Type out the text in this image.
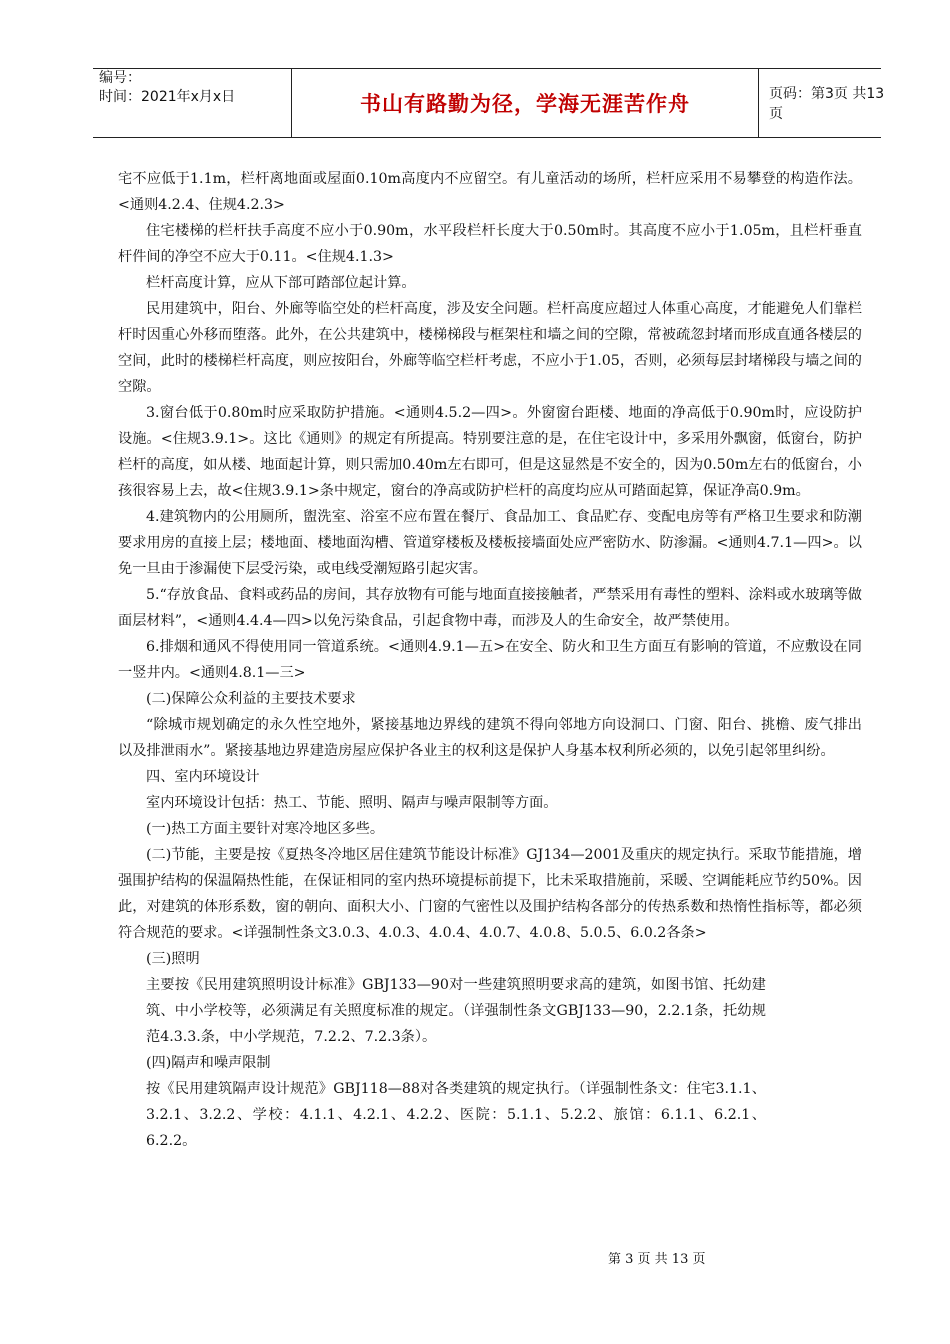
编号：
时间：2021年x月x日	书山有路勤为径，学海无涯苦作舟	页码：第3页 共13页

宅不应低于1.1m，栏杆离地面或屋面0.10m高度内不应留空。有儿童活动的场所，栏杆应采用不易攀登的构造作法。<通则4.2.4、住规4.2.3>

住宅楼梯的栏杆扶手高度不应小于0.90m，水平段栏杆长度大于0.50m时。其高度不应小于1.05m，且栏杆垂直杆件间的净空不应大于0.11。<住规4.1.3>

栏杆高度计算，应从下部可踏部位起计算。

民用建筑中，阳台、外廊等临空处的栏杆高度，涉及安全问题。栏杆高度应超过人体重心高度，才能避免人们靠栏杆时因重心外移而堕落。此外，在公共建筑中，楼梯梯段与框架柱和墙之间的空隙，常被疏忽封堵而形成直通各楼层的空间，此时的楼梯栏杆高度，则应按阳台，外廊等临空栏杆考虑，不应小于1.05，否则，必须每层封堵梯段与墙之间的空隙。

3.窗台低于0.80m时应采取防护措施。<通则4.5.2—四>。外窗窗台距楼、地面的净高低于0.90m时，应设防护设施。<住规3.9.1>。这比《通则》的规定有所提高。特别要注意的是，在住宅设计中，多采用外飘窗，低窗台，防护栏杆的高度，如从楼、地面起计算，则只需加0.40m左右即可，但是这显然是不安全的，因为0.50m左右的低窗台，小孩很容易上去，故<住规3.9.1>条中规定，窗台的净高或防护栏杆的高度均应从可踏面起算，保证净高0.9m。

4.建筑物内的公用厕所，盥洗室、浴室不应布置在餐厅、食品加工、食品贮存、变配电房等有严格卫生要求和防潮要求用房的直接上层；楼地面、楼地面沟槽、管道穿楼板及楼板接墙面处应严密防水、防渗漏。<通则4.7.1—四>。以免一旦由于渗漏使下层受污染，或电线受潮短路引起灾害。

5.“存放食品、食料或药品的房间，其存放物有可能与地面直接接触者，严禁采用有毒性的塑料、涂料或水玻璃等做面层材料”，<通则4.4.4—四>以免污染食品，引起食物中毒，而涉及人的生命安全，故严禁使用。

6.排烟和通风不得使用同一管道系统。<通则4.9.1—五>在安全、防火和卫生方面互有影响的管道，不应敷设在同一竖井内。<通则4.8.1—三>

(二)保障公众利益的主要技术要求

“除城市规划确定的永久性空地外，紧接基地边界线的建筑不得向邻地方向设洞口、门窗、阳台、挑檐、废气排出以及排泄雨水”。紧接基地边界建造房屋应保护各业主的权利这是保护人身基本权利所必须的，以免引起邻里纠纷。

四、室内环境设计

室内环境设计包括：热工、节能、照明、隔声与噪声限制等方面。

(一)热工方面主要针对寒冷地区多些。

(二)节能，主要是按《夏热冬冷地区居住建筑节能设计标准》GJ134—2001及重庆的规定执行。采取节能措施，增强围护结构的保温隔热性能，在保证相同的室内热环境提标前提下，比未采取措施前，采暖、空调能耗应节约50%。因此，对建筑的体形系数，窗的朝向、面积大小、门窗的气密性以及围护结构各部分的传热系数和热惰性指标等，都必须符合规范的要求。<详强制性条文3.0.3、4.0.3、4.0.4、4.0.7、4.0.8、5.0.5、6.0.2各条>

(三)照明

主要按《民用建筑照明设计标准》GBJ133—90对一些建筑照明要求高的建筑，如图书馆、托幼建筑、中小学校等，必须满足有关照度标准的规定。（详强制性条文GBJ133—90，2.2.1条，托幼规范4.3.3.条，中小学规范，7.2.2、7.2.3条）。

(四)隔声和噪声限制

按《民用建筑隔声设计规范》GBJ118—88对各类建筑的规定执行。（详强制性条文：住宅3.1.1、3.2.1、3.2.2、学校：4.1.1、4.2.1、4.2.2、医院：5.1.1、5.2.2、旅馆：6.1.1、6.2.1、6.2.2。

第 3 页 共 13 页
